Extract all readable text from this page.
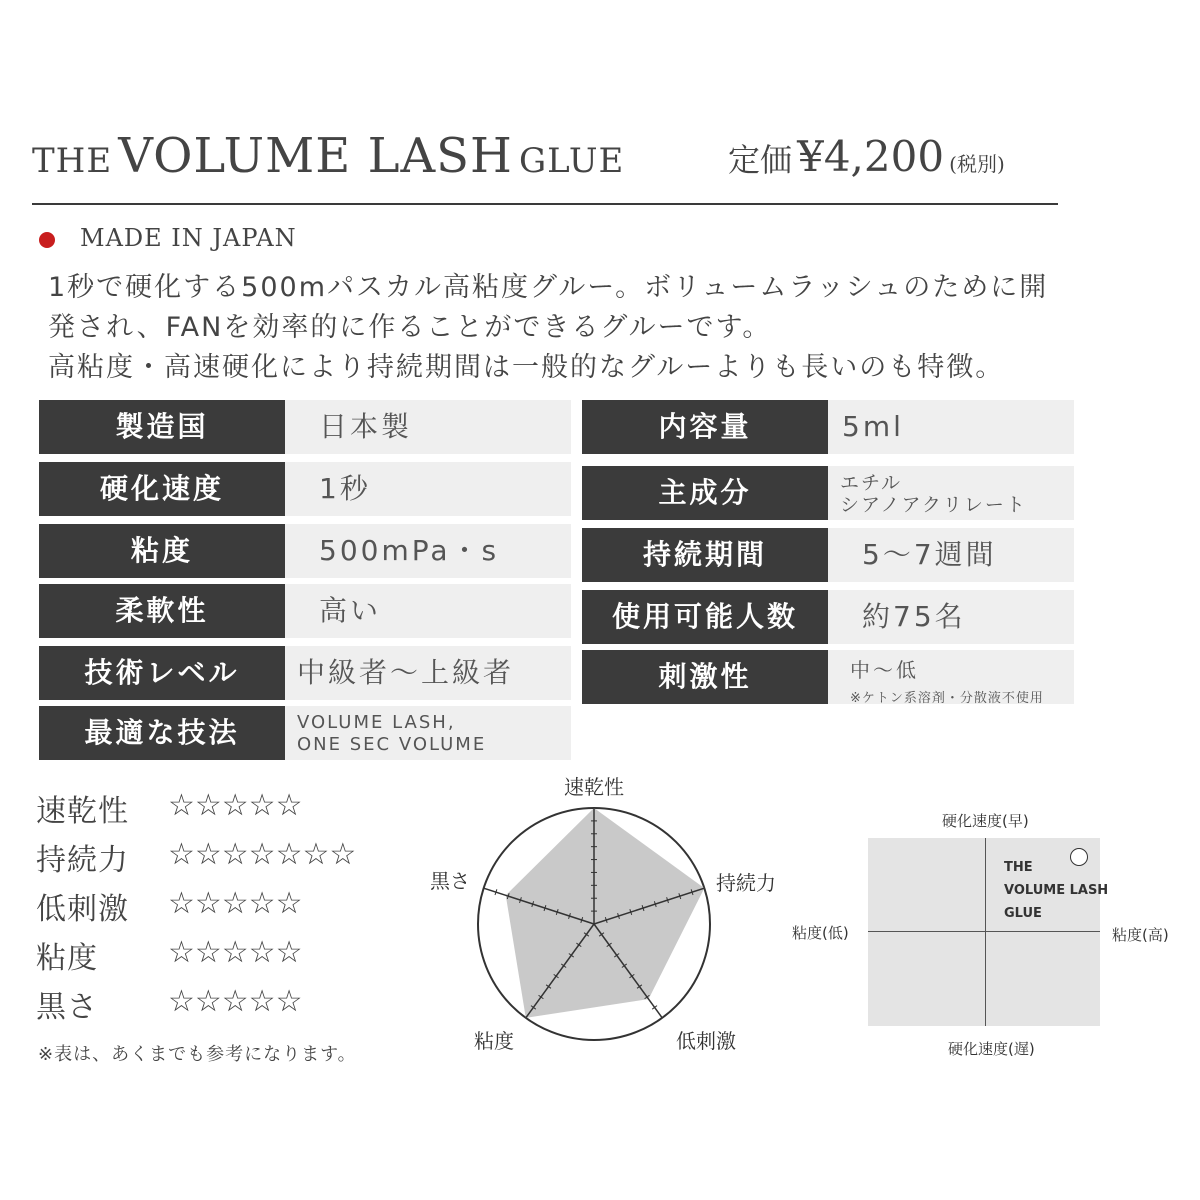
THE VOLUME LASH GLUE	定価 ¥4,200 (税別)
MADE IN JAPAN
1秒で硬化する500mパスカル高粘度グルー。ボリュームラッシュのために開
発され、FANを効率的に作ることができるグルーです。
高粘度・高速硬化により持続期間は一般的なグルーよりも長いのも特徴。
製造国	日本製
硬化速度	1秒
粘度	500mPa・s
柔軟性	高い
技術レベル	中級者〜上級者
最適な技法	VOLUME LASH,
ONE SEC VOLUME
内容量	5ml
主成分	エチル
シアノアクリレート
持続期間	5〜7週間
使用可能人数	約75名
刺激性	中〜低
※ケトン系溶剤・分散液不使用
速乾性 ☆☆☆☆☆
持続力 ☆☆☆☆☆☆☆
低刺激 ☆☆☆☆☆
粘度 ☆☆☆☆☆
黒さ ☆☆☆☆☆
※表は、あくまでも参考になります。
速乾性
持続力
低刺激
粘度
黒さ
硬化速度(早)
硬化速度(遅)
粘度(低)	粘度(高)
THE
VOLUME LASH
GLUE
